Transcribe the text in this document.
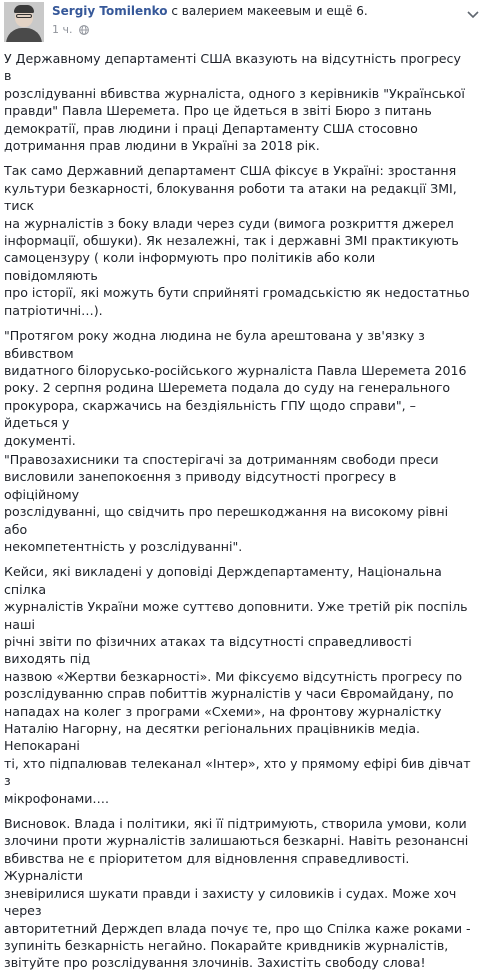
Sergiy Tomilenko с валерием макеевым и ещё 6.
1 ч.

У Державному департаменті США вказують на відсутність прогресу в
розслідуванні вбивства журналіста, одного з керівників "Української
правди" Павла Шеремета. Про це йдеться в звіті Бюро з питань
демократії, прав людини і праці Департаменту США стосовно
дотримання прав людини в Україні за 2018 рік.

Так само Державний департамент США фіксує в Україні: зростання
культури безкарності, блокування роботи та атаки на редакції ЗМІ, тиск
на журналістів з боку влади через суди (вимога розкриття джерел
інформації, обшуки). Як незалежні, так і державні ЗМІ практикують
самоцензуру ( коли інформують про політиків або коли повідомляють
про історії, які можуть бути сприйняті громадськістю як недостатньо
патріотичні…).

"Протягом року жодна людина не була арештована у зв'язку з вбивством
видатного білорусько-російського журналіста Павла Шеремета 2016
року. 2 серпня родина Шеремета подала до суду на генерального
прокурора, скаржачись на бездіяльність ГПУ щодо справи", – йдеться у
документі.

"Правозахисники та спостерігачі за дотриманням свободи преси
висловили занепокоєння з приводу відсутності прогресу в офіційному
розслідуванні, що свідчить про перешкоджання на високому рівні або
некомпетентність у розслідуванні".

Кейси, які викладені у доповіді Держдепартаменту, Національна спілка
журналістів України може суттєво доповнити. Уже третій рік поспіль наші
річні звіти по фізичних атаках та відсутності справедливості виходять під
назвою «Жертви безкарності». Ми фіксуємо відсутність прогресу по
розслідуванню справ побиттів журналістів у часи Євромайдану, по
нападах на колег з програми «Схеми», на фронтову журналістку
Наталію Нагорну, на десятки регіональних працівників медіа. Непокарані
ті, хто підпалював телеканал «Інтер», хто у прямому ефірі бив дівчат з
мікрофонами….

Висновок. Влада і політики, які її підтримують, створила умови, коли
злочини проти журналістів залишаються безкарні. Навіть резонансні
вбивства не є пріоритетом для відновлення справедливості. Журналісти
зневірилися шукати правди і захисту у силовиків і судах. Може хоч через
авторитетний Держдеп влада почує те, про що Спілка каже роками -
зупиніть безкарність негайно. Покарайте кривдників журналістів,
звітуйте про розслідування злочинів. Захистіть свободу слова!
